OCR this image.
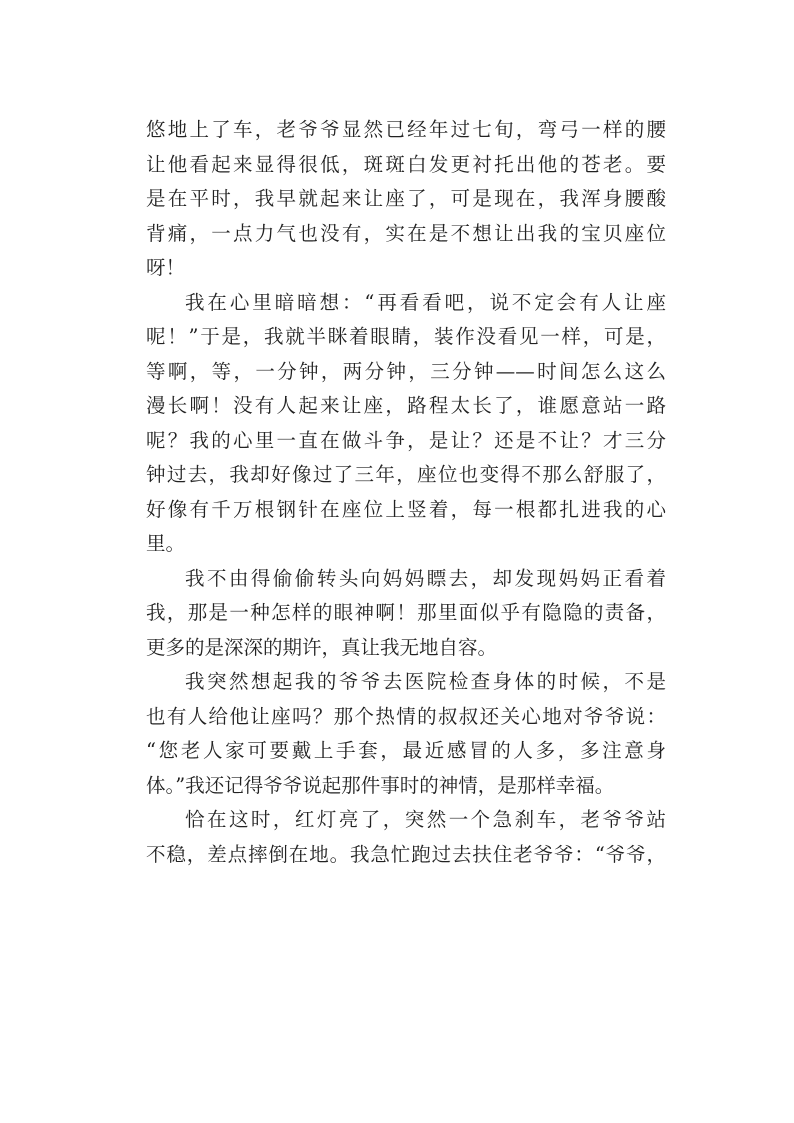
悠地上了车，老爷爷显然已经年过七旬，弯弓一样的腰
让他看起来显得很低，斑斑白发更衬托出他的苍老。要
是在平时，我早就起来让座了，可是现在，我浑身腰酸
背痛，一点力气也没有，实在是不想让出我的宝贝座位
呀！
我在心里暗暗想：“再看看吧，说不定会有人让座
呢！”于是，我就半眯着眼睛，装作没看见一样，可是，
等啊，等，一分钟，两分钟，三分钟——时间怎么这么
漫长啊！没有人起来让座，路程太长了，谁愿意站一路
呢？我的心里一直在做斗争，是让？还是不让？才三分
钟过去，我却好像过了三年，座位也变得不那么舒服了，
好像有千万根钢针在座位上竖着，每一根都扎进我的心
里。
我不由得偷偷转头向妈妈瞟去，却发现妈妈正看着
我，那是一种怎样的眼神啊！那里面似乎有隐隐的责备，
更多的是深深的期许，真让我无地自容。
我突然想起我的爷爷去医院检查身体的时候，不是
也有人给他让座吗？那个热情的叔叔还关心地对爷爷说：
“您老人家可要戴上手套，最近感冒的人多，多注意身
体。”我还记得爷爷说起那件事时的神情，是那样幸福。
恰在这时，红灯亮了，突然一个急刹车，老爷爷站
不稳，差点摔倒在地。我急忙跑过去扶住老爷爷：“爷爷，
